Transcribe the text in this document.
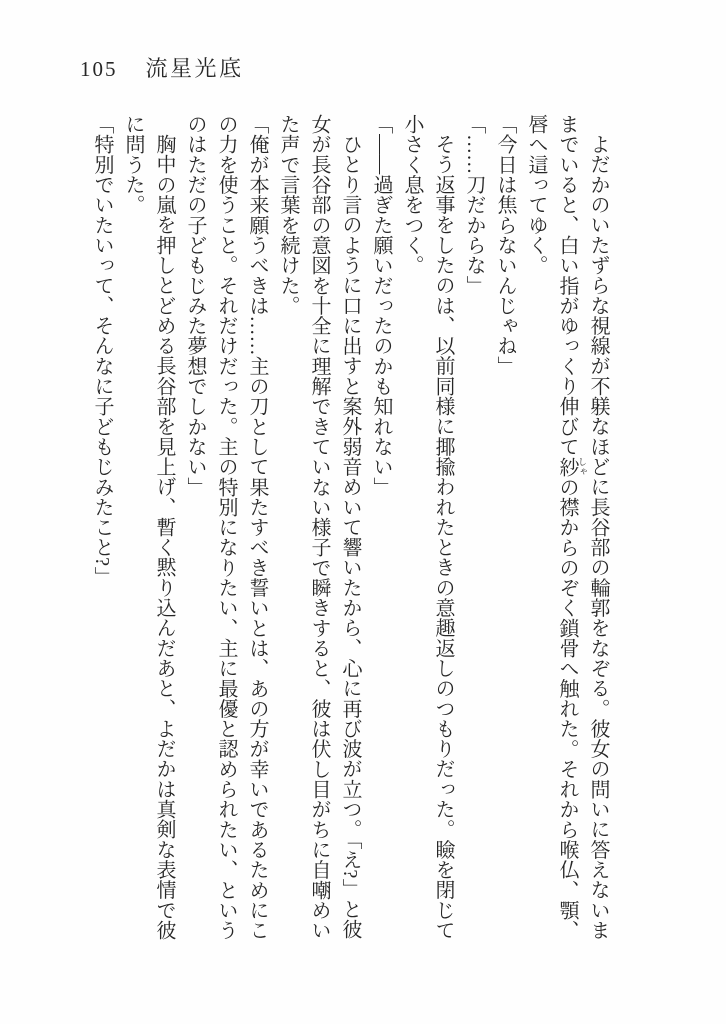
105 流星光底

よだかのいたずらな視線が不躾なほどに長谷部の輪郭をなぞる。彼女の問いに答えないままでいると、白い指がゆっくり伸びて紗 しゃの襟からのぞく鎖骨へ触れた。それから喉仏、顎、唇へ這ってゆく。

「今日は焦らないんじゃね」

「……刀だからな」

そう返事をしたのは、以前同様に揶揄われたときの意趣返しのつもりだった。瞼を閉じて小さく息をつく。

「――過ぎた願いだったのかも知れない」

ひとり言のように口に出すと案外弱音めいて響いたから、心に再び波が立つ。「え?」と彼女が長谷部の意図を十全に理解できていない様子で瞬きすると、彼は伏し目がちに自嘲めいた声で言葉を続けた。

「俺が本来願うべきは……主の刀として果たすべき誓いとは、あの方が幸いであるためにこの力を使うこと。それだけだった。主の特別になりたい、主に最優と認められたい、というのはただの子どもじみた夢想でしかない」

胸中の嵐を押しとどめる長谷部を見上げ、暫く黙り込んだあと、よだかは真剣な表情で彼に問うた。

「特別でいたいって、そんなに子どもじみたこと?」
